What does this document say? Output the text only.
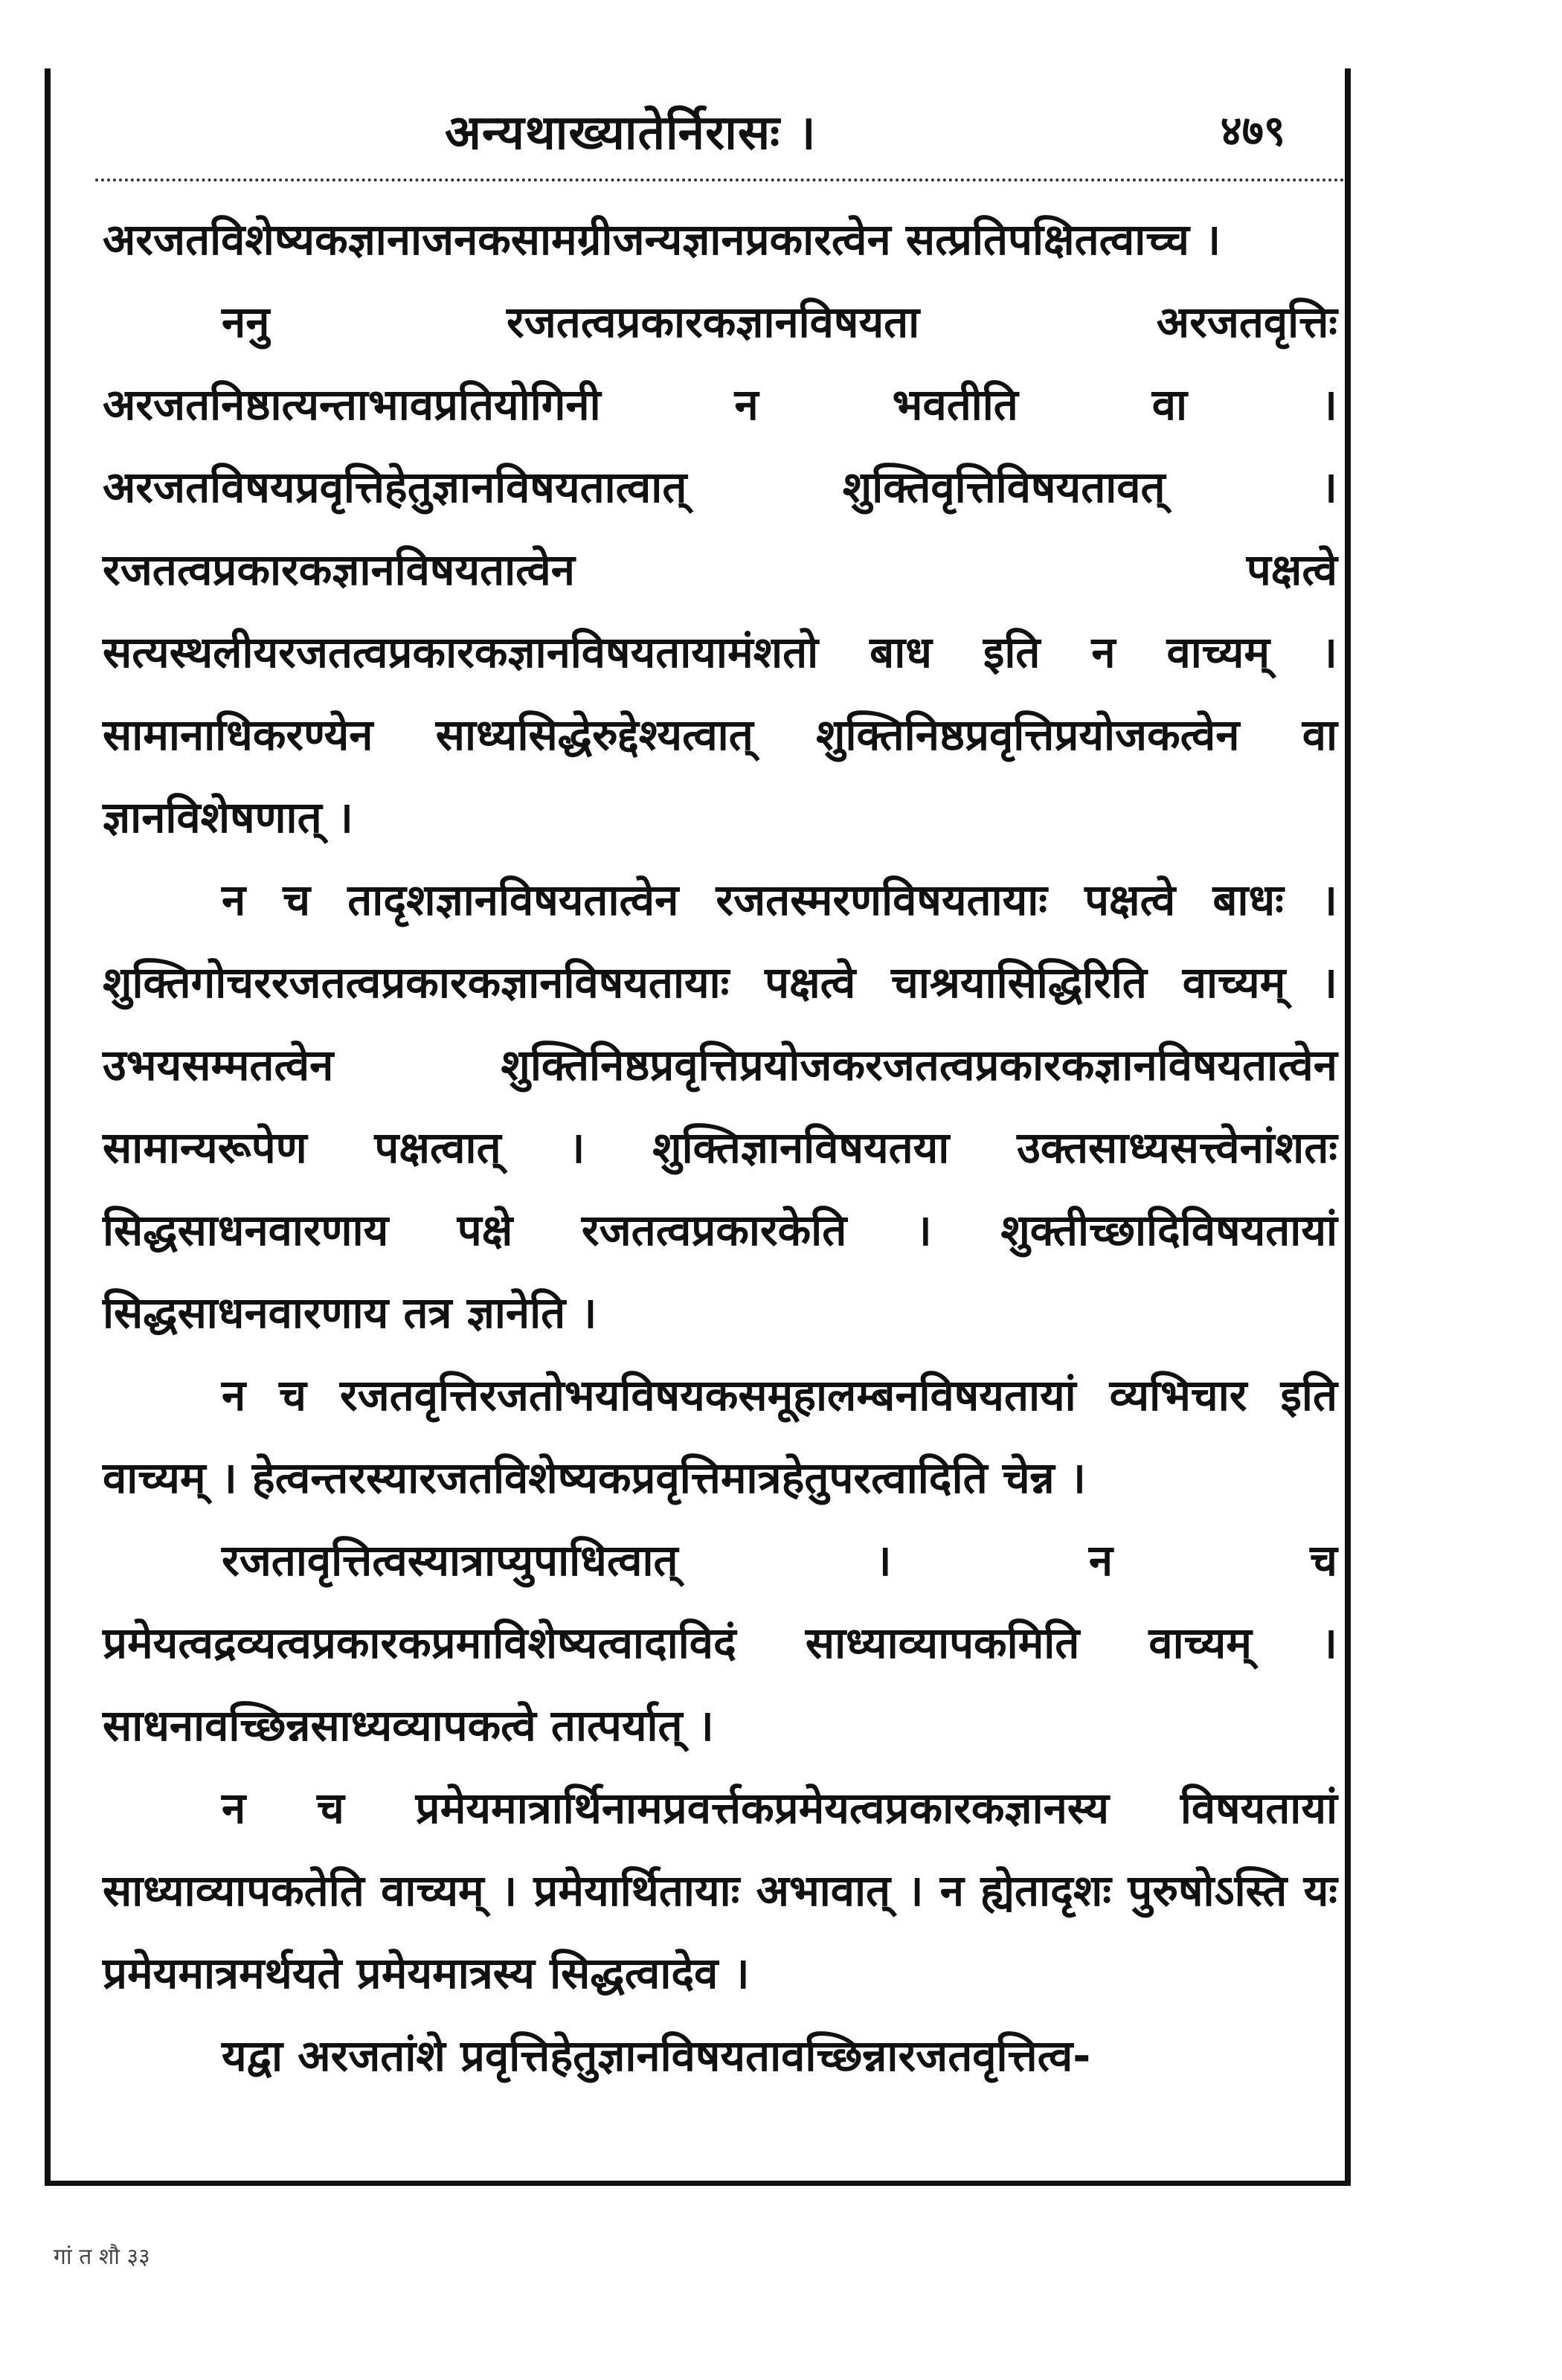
अन्यथाख्यातेर्निरासः ।	४७९

अरजतविशेष्यकज्ञानाजनकसामग्रीजन्यज्ञानप्रकारत्वेन सत्प्रतिपक्षितत्वाच्च ।

ननु रजतत्वप्रकारकज्ञानविषयता अरजतवृत्तिः अरजतनिष्ठात्यन्ताभावप्रतियोगिनी न भवतीति वा । अरजतविषयप्रवृत्तिहेतुज्ञानविषयतात्वात् शुक्तिवृत्तिविषयतावत् । रजतत्वप्रकारकज्ञानविषयतात्वेन पक्षत्वे सत्यस्थलीयरजतत्वप्रकारकज्ञानविषयतायामंशतो बाध इति न वाच्यम् । सामानाधिकरण्येन साध्यसिद्धेरुद्देश्यत्वात् शुक्तिनिष्ठप्रवृत्तिप्रयोजकत्वेन वा ज्ञानविशेषणात् ।

न च तादृशज्ञानविषयतात्वेन रजतस्मरणविषयतायाः पक्षत्वे बाधः । शुक्तिगोचररजतत्वप्रकारकज्ञानविषयतायाः पक्षत्वे चाश्रयासिद्धिरिति वाच्यम् । उभयसम्मतत्वेन शुक्तिनिष्ठप्रवृत्तिप्रयोजकरजतत्वप्रकारकज्ञानविषयतात्वेन सामान्यरूपेण पक्षत्वात् । शुक्तिज्ञानविषयतया उक्तसाध्यसत्त्वेनांशतः सिद्धसाधनवारणाय पक्षे रजतत्वप्रकारकेति । शुक्तीच्छादिविषयतायां सिद्धसाधनवारणाय तत्र ज्ञानेति ।

न च रजतवृत्तिरजतोभयविषयकसमूहालम्बनविषयतायां व्यभिचार इति वाच्यम् । हेत्वन्तरस्यारजतविशेष्यकप्रवृत्तिमात्रहेतुपरत्वादिति चेन्न ।

रजतावृत्तित्वस्यात्राप्युपाधित्वात् । न च प्रमेयत्वद्रव्यत्वप्रकारकप्रमाविशेष्यत्वादाविदं साध्याव्यापकमिति वाच्यम् । साधनावच्छिन्नसाध्यव्यापकत्वे तात्पर्यात् ।

न च प्रमेयमात्रार्थिनामप्रवर्त्तकप्रमेयत्वप्रकारकज्ञानस्य विषयतायां साध्याव्यापकतेति वाच्यम् । प्रमेयार्थितायाः अभावात् । न ह्येतादृशः पुरुषोऽस्ति यः प्रमेयमात्रमर्थयते प्रमेयमात्रस्य सिद्धत्वादेव ।

यद्वा अरजतांशे प्रवृत्तिहेतुज्ञानविषयतावच्छिन्नारजतवृत्तित्व-

गां त शौ ३३
